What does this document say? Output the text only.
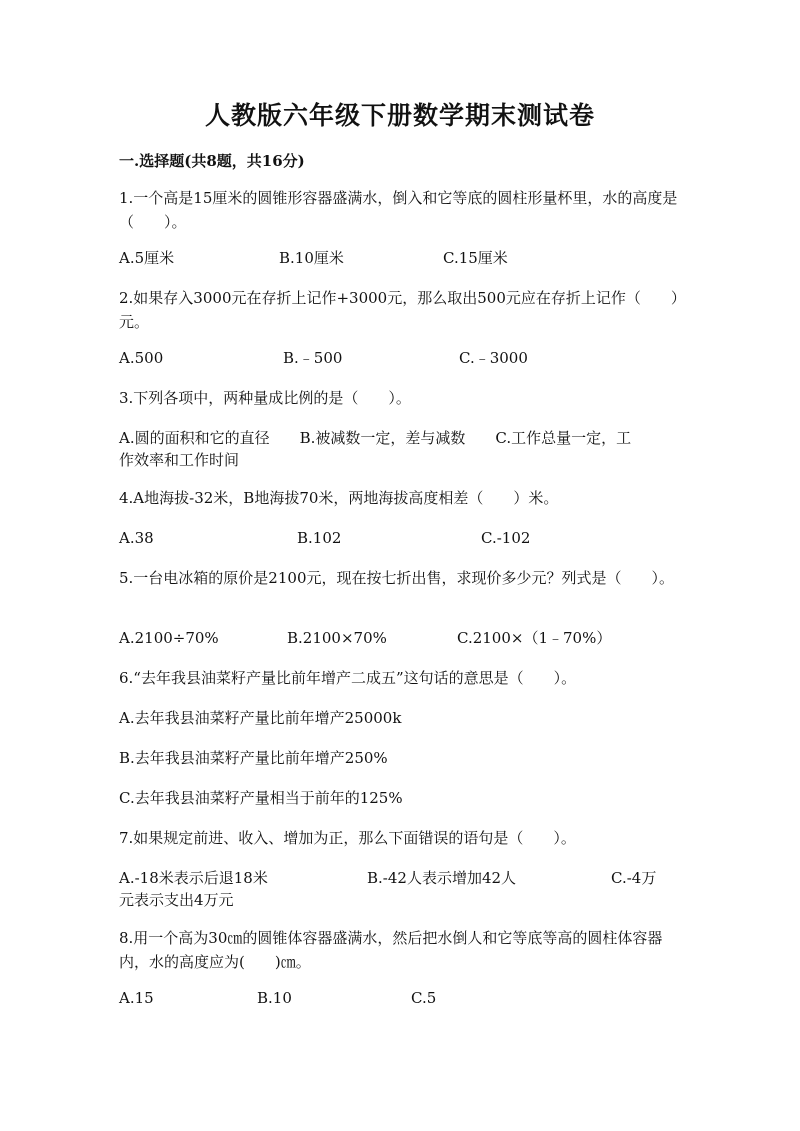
人教版六年级下册数学期末测试卷
一.选择题(共8题，共16分)
1.一个高是15厘米的圆锥形容器盛满水，倒入和它等底的圆柱形量杯里，水的高度是（　　）。
A.5厘米	B.10厘米	C.15厘米
2.如果存入3000元在存折上记作+3000元，那么取出500元应在存折上记作（　　）元。
A.500	B.﹣500	C.﹣3000
3.下列各项中，两种量成比例的是（　　）。
A.圆的面积和它的直径　　B.被减数一定，差与减数　　C.工作总量一定，工
作效率和工作时间
4.A地海拔-32米，B地海拔70米，两地海拔高度相差（　　）米。
A.38	B.102	C.-102
5.一台电冰箱的原价是2100元，现在按七折出售，求现价多少元？列式是（　　）。
A.2100÷70%	B.2100×70%	C.2100×（1﹣70%）
6.“去年我县油菜籽产量比前年增产二成五”这句话的意思是（　　）。
A.去年我县油菜籽产量比前年增产25000k
B.去年我县油菜籽产量比前年增产250%
C.去年我县油菜籽产量相当于前年的125%
7.如果规定前进、收入、增加为正，那么下面错误的语句是（　　）。
A.-18米表示后退18米	B.-42人表示增加42人	C.-4万
元表示支出4万元
8.用一个高为30㎝的圆锥体容器盛满水，然后把水倒人和它等底等高的圆柱体容器内，水的高度应为(　　)㎝。
A.15	B.10	C.5
